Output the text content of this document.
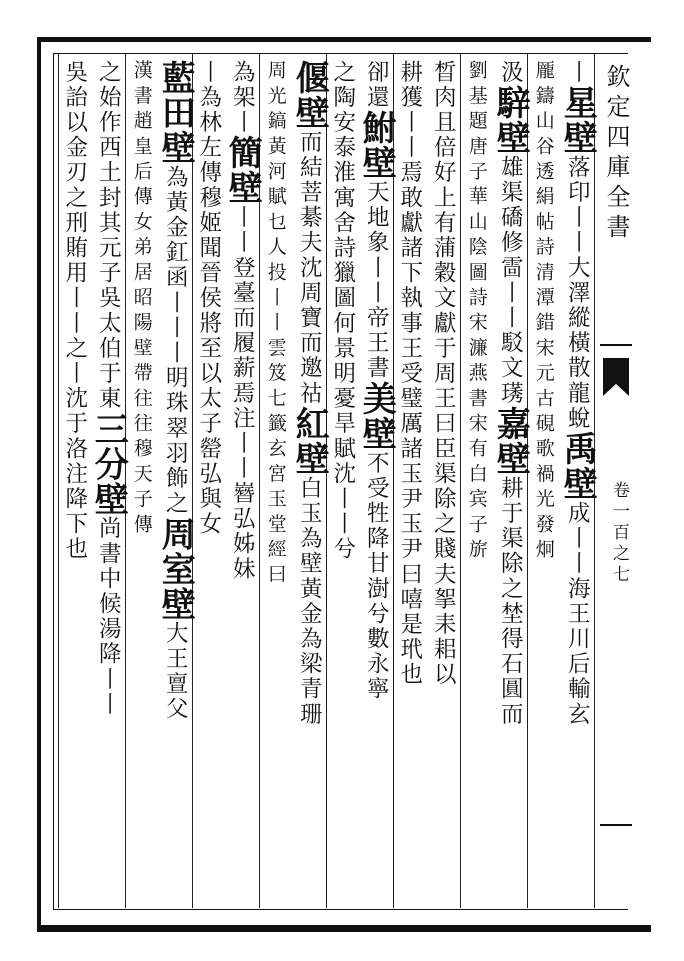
欽定四庫全書
卷一百之七
丨星壁落印丨丨大澤縱橫散龍蛻禹壁成丨丨海王川后輸玄
龎鑄山谷透絹帖詩清潭錯宋元古硯歌禍光發炯
汲騂壁雄渠礄修䨓丨丨駁文璓嘉壁耕于渠除之埜得石圓而
劉基題唐子華山陰圖詩宋濂燕書宋有白宾子旂
晳肉且倍好上有蒲穀文獻于周王曰臣渠除之賤夫挐耒耜以
耕獲丨丨焉敢獻諸下執事王受璧厲諸玉尹玉尹曰嘻是玳也
卻還鮒壁天地象丨丨帝王書美壁不受牲降甘澍兮數永寧
之陶安泰淮寓舍詩獵圖何景明憂旱賦沈丨丨兮
偃壁而結菩綦夫沈周寶而邀祜紅壁白玉為壁黃金為梁青珊
周光鎬黃河賦乜人投丨丨雲笈七籤玄宮玉堂經曰
為架丨簡壁丨丨登臺而履薪焉注丨丨嶜弘姊妹
丨為林左傳穆姬聞晉侯將至以太子罃弘與女
藍田壁為黃金釭函丨丨丨明珠翠羽飾之周室壁大王亶父
漢書趙皇后傳女弟居昭陽壁帶往往穆天子傳
之始作西土封其元子吳太伯于東三分壁尚書中候湯降丨丨
吳詒以金刃之刑賄用丨丨之丨沈于洛注降下也
